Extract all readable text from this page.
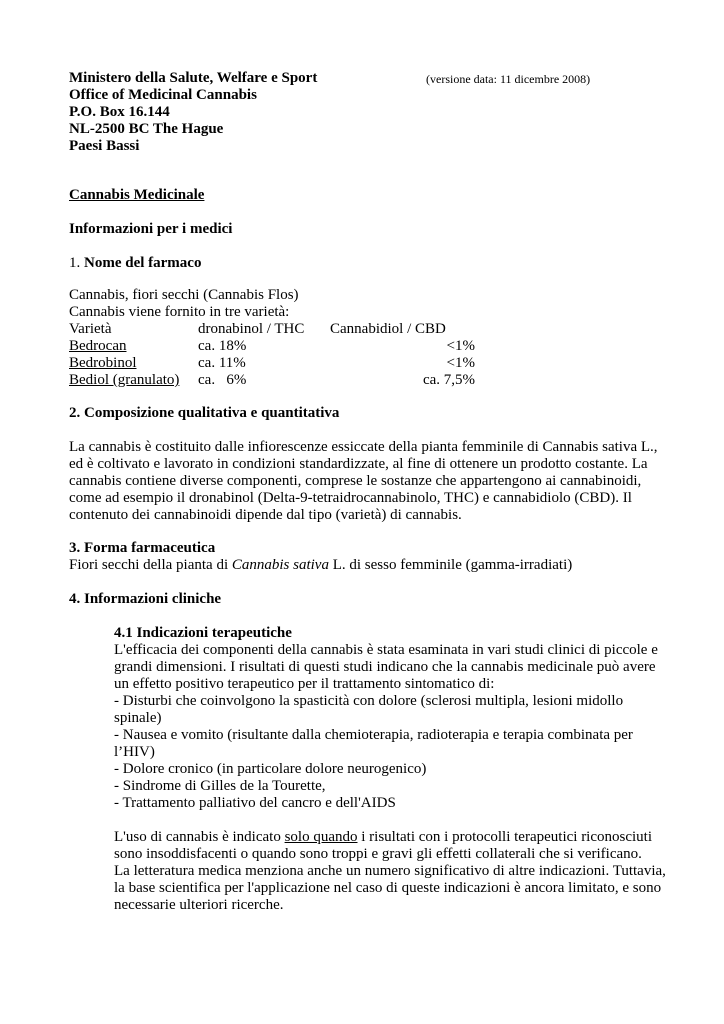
Ministero della Salute, Welfare e Sport	(versione data: 11 dicembre 2008)
Office of Medicinal Cannabis
P.O. Box 16.144
NL-2500 BC The Hague
Paesi Bassi
Cannabis Medicinale
Informazioni per i medici
1. Nome del farmaco
Cannabis, fiori secchi (Cannabis Flos)
Cannabis viene fornito in tre varietà:
Varietà	dronabinol / THC	Cannabidiol / CBD
Bedrocan	ca. 18%	<1%
Bedrobinol	ca. 11%	<1%
Bediol (granulato)	ca.   6%	ca. 7,5%
2. Composizione qualitativa e quantitativa
La cannabis è costituito dalle infiorescenze essiccate della pianta femminile di Cannabis sativa L.,
ed è coltivato e lavorato in condizioni standardizzate, al fine di ottenere un prodotto costante. La
cannabis contiene diverse componenti, comprese le sostanze che appartengono ai cannabinoidi,
come ad esempio il dronabinol (Delta-9-tetraidrocannabinolo, THC) e cannabidiolo (CBD). Il
contenuto dei cannabinoidi dipende dal tipo (varietà) di cannabis.
3. Forma farmaceutica
Fiori secchi della pianta di Cannabis sativa L. di sesso femminile (gamma-irradiati)
4. Informazioni cliniche
4.1 Indicazioni terapeutiche
L'efficacia dei componenti della cannabis è stata esaminata in vari studi clinici di piccole e
grandi dimensioni. I risultati di questi studi indicano che la cannabis medicinale può avere
un effetto positivo terapeutico per il trattamento sintomatico di:
- Disturbi che coinvolgono la spasticità con dolore (sclerosi multipla, lesioni midollo
spinale)
- Nausea e vomito (risultante dalla chemioterapia, radioterapia e terapia combinata per
l’HIV)
- Dolore cronico (in particolare dolore neurogenico)
- Sindrome di Gilles de la Tourette,
- Trattamento palliativo del cancro e dell'AIDS
L'uso di cannabis è indicato solo quando i risultati con i protocolli terapeutici riconosciuti
sono insoddisfacenti o quando sono troppi e gravi gli effetti collaterali che si verificano.
La letteratura medica menziona anche un numero significativo di altre indicazioni. Tuttavia,
la base scientifica per l'applicazione nel caso di queste indicazioni è ancora limitato, e sono
necessarie ulteriori ricerche.
